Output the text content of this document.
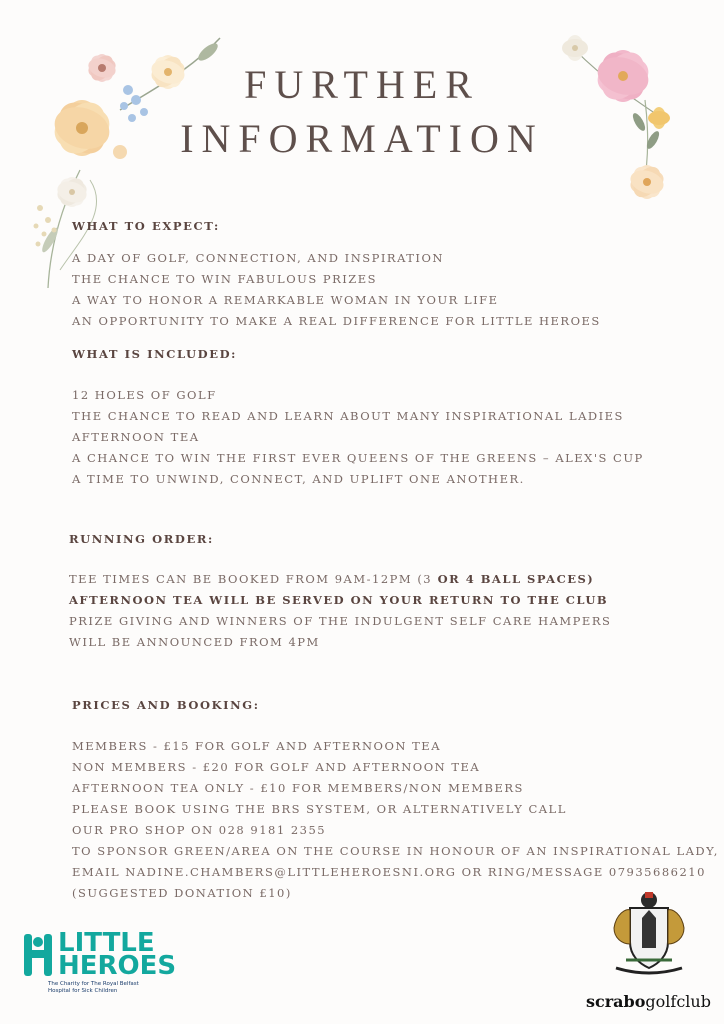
FURTHER
INFORMATION
WHAT TO EXPECT:
A DAY OF GOLF, CONNECTION, AND INSPIRATION
THE CHANCE TO WIN FABULOUS PRIZES
A WAY TO HONOR A REMARKABLE WOMAN IN YOUR LIFE
AN OPPORTUNITY TO MAKE A REAL DIFFERENCE FOR LITTLE HEROES
WHAT IS INCLUDED:
12 HOLES OF GOLF
THE CHANCE TO READ AND LEARN ABOUT MANY INSPIRATIONAL LADIES
AFTERNOON TEA
A CHANCE TO WIN THE FIRST EVER QUEENS OF THE GREENS – ALEX'S CUP
A TIME TO UNWIND, CONNECT, AND UPLIFT ONE ANOTHER.
RUNNING ORDER:
TEE TIMES CAN BE BOOKED FROM 9AM-12PM (3 OR 4 BALL SPACES)
AFTERNOON TEA WILL BE SERVED ON YOUR RETURN TO THE CLUB
PRIZE GIVING AND WINNERS OF THE INDULGENT SELF CARE HAMPERS
WILL BE ANNOUNCED FROM 4PM
PRICES AND BOOKING:
MEMBERS - £15 FOR GOLF AND AFTERNOON TEA
NON MEMBERS - £20 FOR GOLF AND AFTERNOON TEA
AFTERNOON TEA ONLY - £10 FOR MEMBERS/NON MEMBERS
PLEASE BOOK USING THE BRS SYSTEM, OR ALTERNATIVELY CALL
OUR PRO SHOP ON 028 9181 2355
TO SPONSOR GREEN/AREA ON THE COURSE IN HONOUR OF AN INSPIRATIONAL LADY,
EMAIL NADINE.CHAMBERS@LITTLEHEROESNI.ORG OR RING/MESSAGE 07935686210
(SUGGESTED DONATION £10)
LITTLE
HEROES
The Charity for The Royal Belfast
Hospital for Sick Children
scrabogolfclub
